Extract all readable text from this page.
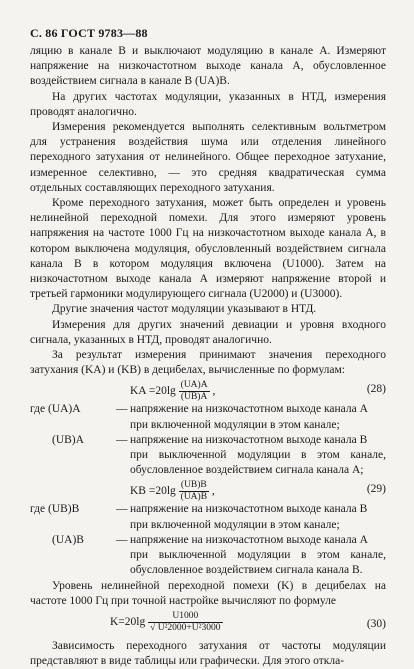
С. 86 ГОСТ 9783—88

ляцию в канале В и выключают модуляцию в канале А. Измеряют напряжение на низкочастотном выходе канала А, обусловленное воздействием сигнала в канале В (UA)B.

На других частотах модуляции, указанных в НТД, измерения проводят аналогично.

Измерения рекомендуется выполнять селективным вольтметром для устранения воздействия шума или отделения линейного переходного затухания от нелинейного. Общее переходное затухание, измеренное селективно, — это средняя квадратическая сумма отдельных составляющих переходного затухания.

Кроме переходного затухания, может быть определен и уровень нелинейной переходной помехи. Для этого измеряют уровень напряжения на частоте 1000 Гц на низкочастотном выходе канала А, в котором выключена модуляция, обусловленный воздействием сигнала канала В в котором модуляция включена (U1000). Затем на низкочастотном выходе канала А измеряют напряжение второй и третьей гармоники модулирующего сигнала (U2000) и (U3000).

Другие значения частот модуляции указывают в НТД.

Измерения для других значений девиации и уровня входного сигнала, указанных в НТД, проводят аналогично.

За результат измерения принимают значения переходного затухания (KA) и (KB) в децибелах, вычисленные по формулам:

KA $=20\lg \frac{(UA)A}{(UB)A}$ ,	(28)
где (UA)A	— напряжение на низкочастотном выходе канала А

при включенной модуляции в этом канале;

(UB)A	— напряжение на низкочастотном выходе канала В

при выключенной модуляции в этом канале, обусловленное воздействием сигнала канала А;

KB $=20\lg \frac{(UB)B}{(UA)B}$ ,	(29)
где (UB)B	— напряжение на низкочастотном выходе канала В

при включенной модуляции в этом канале;

(UA)B	— напряжение на низкочастотном выходе канала А

при выключенной модуляции в этом канале, обусловленное воздействием сигнала канала В.

Уровень нелинейной переходной помехи (K) в децибелах на частоте 1000 Гц при точной настройке вычисляют по формуле

$K=20\lg \frac{U1000}{\text{√ U²2000+U²3000}}$	(30)

Зависимость переходного затухания от частоты модуляции представляют в виде таблицы или графически. Для этого откла-
